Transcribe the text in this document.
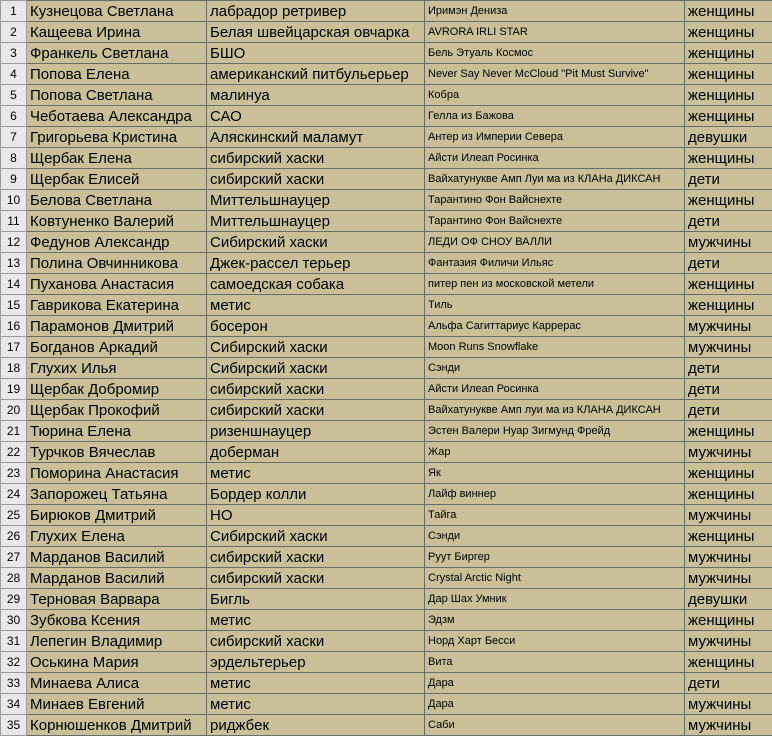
1	Кузнецова Светлана	лабрадор ретривер	Иримэн Дениза	женщины
2	Кащеева Ирина	Белая швейцарская овчарка	AVRORA IRLI STAR	женщины
3	Франкель Светлана	БШО	Бель Этуаль Космос	женщины
4	Попова Елена	американский питбульерьер	Never Say Never McCloud "Pit Must Survive"	женщины
5	Попова Светлана	малинуа	Кобра	женщины
6	Чеботаева Александра	САО	Гелла из Бажова	женщины
7	Григорьева Кристина	Аляскинский маламут	Антер из Империи Севера	девушки
8	Щербак Елена	сибирский хаски	Айсти Илеап Росинка	женщины
9	Щербак Елисей	сибирский хаски	Вайхатунукве Амп Луи ма из КЛАНа ДИКСАН	дети
10	Белова Светлана	Миттельшнауцер	Тарантино Фон Вайснехте	женщины
11	Ковтуненко Валерий	Миттельшнауцер	Тарантино Фон Вайснехте	дети
12	Федунов Александр	Сибирский хаски	ЛЕДИ ОФ СНОУ ВАЛЛИ	мужчины
13	Полина Овчинникова	Джек-рассел терьер	Фантазия Филичи Ильяс	дети
14	Пуханова Анастасия	самоедская собака	питер пен из московской метели	женщины
15	Гаврикова Екатерина	метис	Тиль	женщины
16	Парамонов Дмитрий	босерон	Альфа Сагиттариус Каррерас	мужчины
17	Богданов Аркадий	Сибирский хаски	Moon Runs Snowflake	мужчины
18	Глухих Илья	Сибирский хаски	Сэнди	дети
19	Щербак Добромир	сибирский хаски	Айсти Илеап Росинка	дети
20	Щербак Прокофий	сибирский хаски	Вайхатунукве Амп луи ма из КЛАНА ДИКСАН	дети
21	Тюрина Елена	ризеншнауцер	Эстен Валери Нуар Зигмунд Фрейд	женщины
22	Турчков Вячеслав	доберман	Жар	мужчины
23	Поморина Анастасия	метис	Як	женщины
24	Запорожец Татьяна	Бордер колли	Лайф виннер	женщины
25	Бирюков Дмитрий	НО	Тайга	мужчины
26	Глухих Елена	Сибирский хаски	Сэнди	женщины
27	Марданов Василий	сибирский хаски	Руут Биргер	мужчины
28	Марданов Василий	сибирский хаски	Crystal Arctic Night	мужчины
29	Терновая Варвара	Бигль	Дар Шах Умник	девушки
30	Зубкова Ксения	метис	Эдзм	женщины
31	Лепегин Владимир	сибирский хаски	Норд Харт Бесси	мужчины
32	Оськина Мария	эрдельтерьер	Вита	женщины
33	Минаева Алиса	метис	Дара	дети
34	Минаев Евгений	метис	Дара	мужчины
35	Корнюшенков Дмитрий	риджбек	Саби	мужчины
